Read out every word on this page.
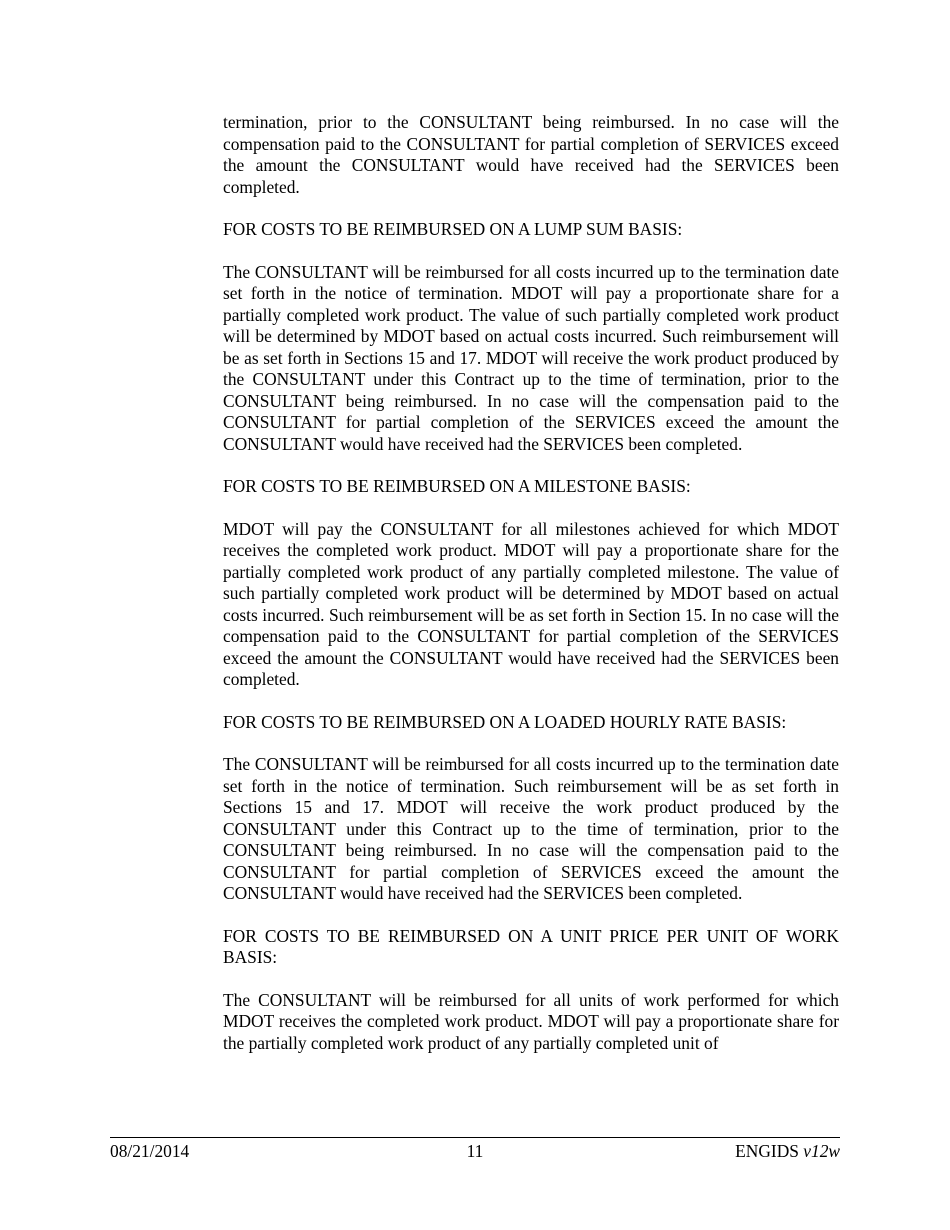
termination, prior to the CONSULTANT being reimbursed. In no case will the compensation paid to the CONSULTANT for partial completion of SERVICES exceed the amount the CONSULTANT would have received had the SERVICES been completed.

FOR COSTS TO BE REIMBURSED ON A LUMP SUM BASIS:

The CONSULTANT will be reimbursed for all costs incurred up to the termination date set forth in the notice of termination. MDOT will pay a proportionate share for a partially completed work product. The value of such partially completed work product will be determined by MDOT based on actual costs incurred. Such reimbursement will be as set forth in Sections 15 and 17. MDOT will receive the work product produced by the CONSULTANT under this Contract up to the time of termination, prior to the CONSULTANT being reimbursed. In no case will the compensation paid to the CONSULTANT for partial completion of the SERVICES exceed the amount the CONSULTANT would have received had the SERVICES been completed.

FOR COSTS TO BE REIMBURSED ON A MILESTONE BASIS:

MDOT will pay the CONSULTANT for all milestones achieved for which MDOT receives the completed work product. MDOT will pay a proportionate share for the partially completed work product of any partially completed milestone. The value of such partially completed work product will be determined by MDOT based on actual costs incurred. Such reimbursement will be as set forth in Section 15. In no case will the compensation paid to the CONSULTANT for partial completion of the SERVICES exceed the amount the CONSULTANT would have received had the SERVICES been completed.

FOR COSTS TO BE REIMBURSED ON A LOADED HOURLY RATE BASIS:

The CONSULTANT will be reimbursed for all costs incurred up to the termination date set forth in the notice of termination. Such reimbursement will be as set forth in Sections 15 and 17. MDOT will receive the work product produced by the CONSULTANT under this Contract up to the time of termination, prior to the CONSULTANT being reimbursed. In no case will the compensation paid to the CONSULTANT for partial completion of SERVICES exceed the amount the CONSULTANT would have received had the SERVICES been completed.

FOR COSTS TO BE REIMBURSED ON A UNIT PRICE PER UNIT OF WORK BASIS:

The CONSULTANT will be reimbursed for all units of work performed for which MDOT receives the completed work product. MDOT will pay a proportionate share for the partially completed work product of any partially completed unit of

08/21/2014	11	ENGIDS v12w
